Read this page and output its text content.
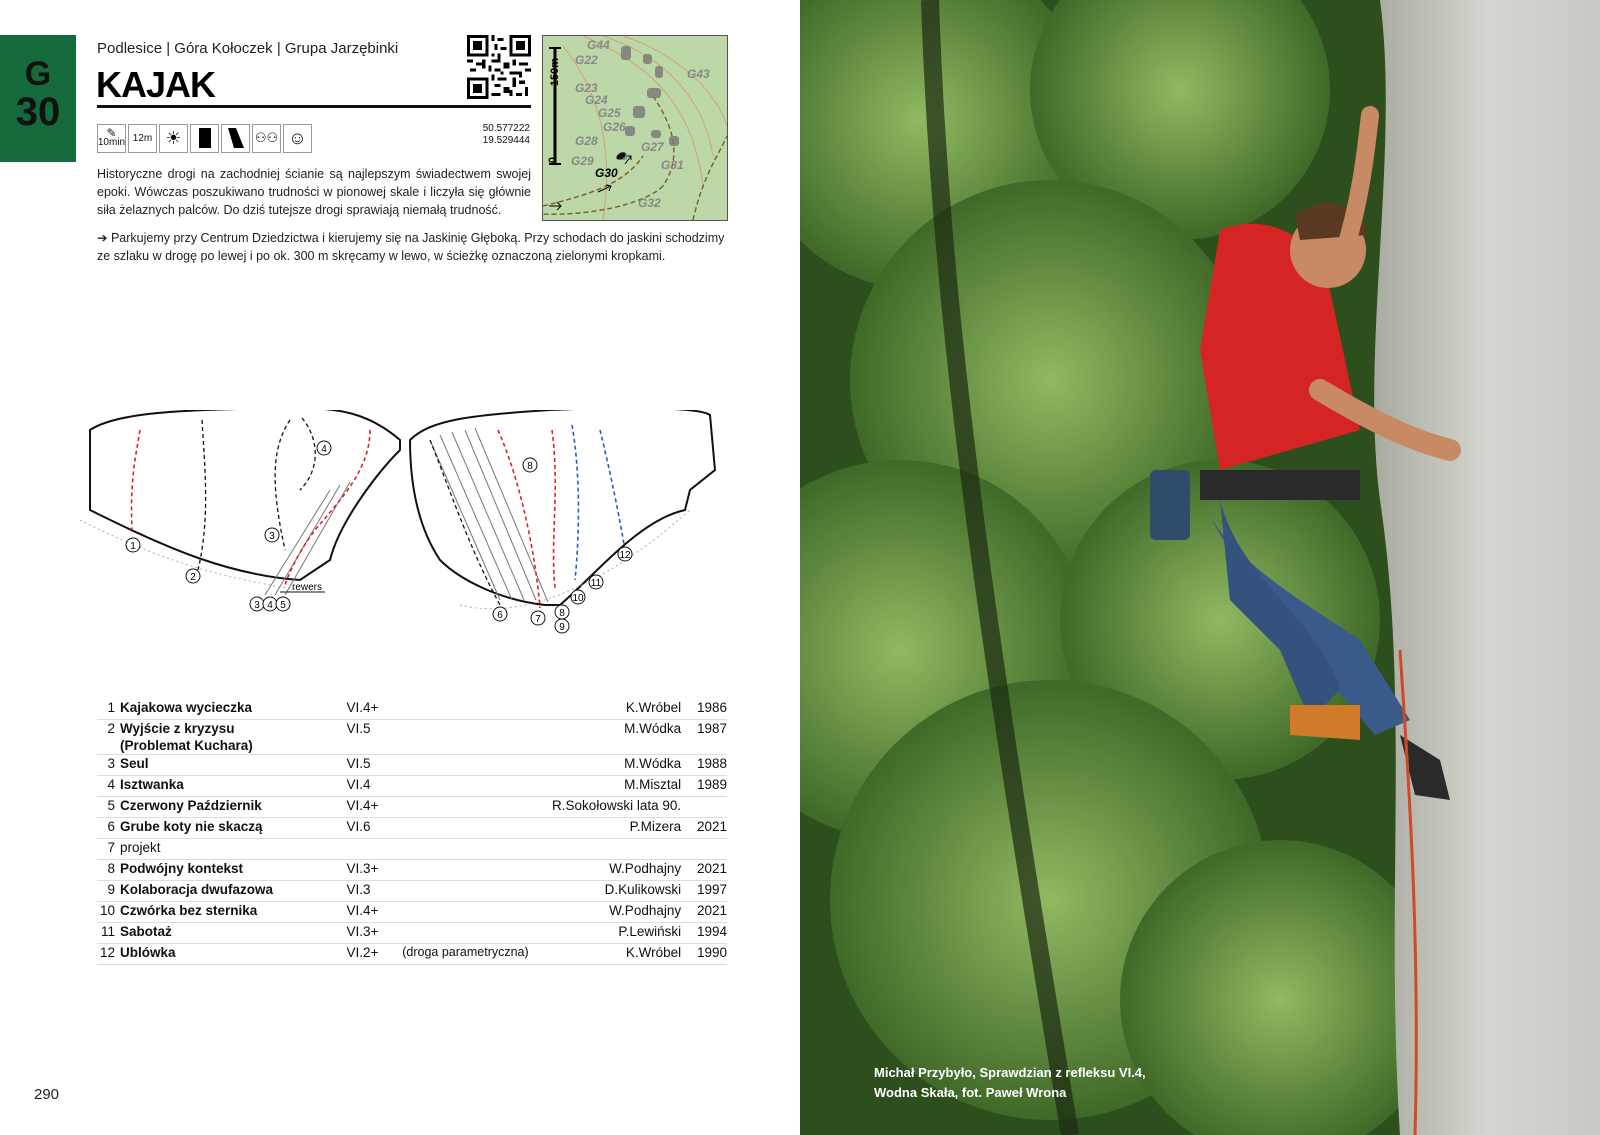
G
30
Podlesice | Góra Kołoczek | Grupa Jarzębinki
KAJAK	150m
0
G44
G22
G43
G23
G24
G25
G26
G28	G27
G29	G31
G30
G32
✎
10min 12m ☀	⚇⚇ ☺	50.577222
19.529444
Historyczne drogi na zachodniej ścianie są najlepszym świadectwem swojej epoki. Wówczas poszukiwano trudności w pionowej skale i liczyła się głównie siła żelaznych palców. Do dziś tutejsze drogi sprawiają niemałą trudność.
➔ Parkujemy przy Centrum Dziedzictwa i kierujemy się na Jaskinię Głęboką. Przy schodach do jaskini schodzimy ze szlaku w drogę po lewej i po ok. 300 m skręcamy w lewo, w ścieżkę oznaczoną zielonymi kropkami.
1
2
3
4
3 4 5
6	7
8
8
9
10
11
12
rewers
1	Kajakowa wycieczka	VI.4+		K.Wróbel	1986
2	Wyjście z kryzysu
(Problemat Kuchara)	VI.5		M.Wódka	1987
3	Seul	VI.5		M.Wódka	1988
4	Isztwanka	VI.4		M.Misztal	1989
5	Czerwony Październik	VI.4+		R.Sokołowski lata 90.	
6	Grube koty nie skaczą	VI.6		P.Mizera	2021
7	projekt				
8	Podwójny kontekst	VI.3+		W.Podhajny	2021
9	Kolaboracja dwufazowa	VI.3		D.Kulikowski	1997
10	Czwórka bez sternika	VI.4+		W.Podhajny	2021
11	Sabotaż	VI.3+		P.Lewiński	1994
12	Ublówka	VI.2+	(droga parametryczna)	K.Wróbel	1990
290
Michał Przybyło, Sprawdzian z refleksu VI.4,
Wodna Skała, fot. Paweł Wrona
